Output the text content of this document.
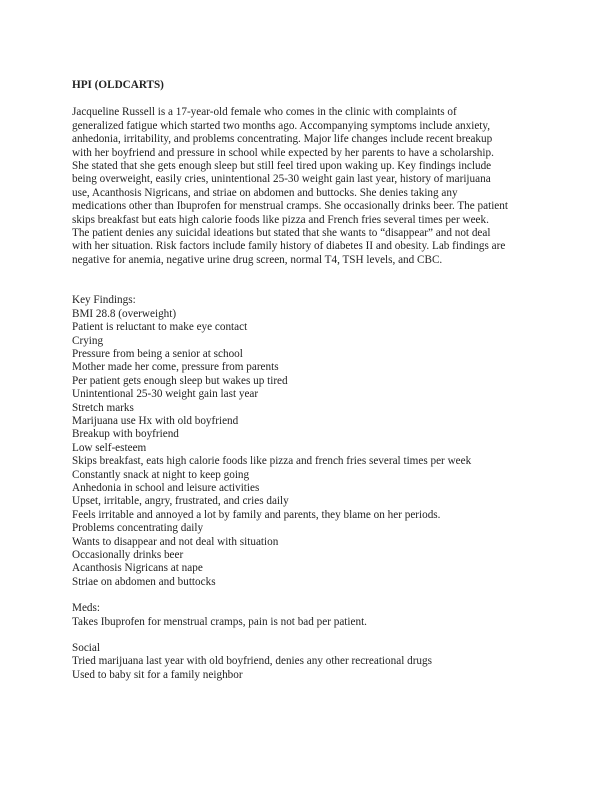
HPI (OLDCARTS)
Jacqueline Russell is a 17-year-old female who comes in the clinic with complaints of
generalized fatigue which started two months ago. Accompanying symptoms include anxiety,
anhedonia, irritability, and problems concentrating. Major life changes include recent breakup
with her boyfriend and pressure in school while expected by her parents to have a scholarship.
She stated that she gets enough sleep but still feel tired upon waking up. Key findings include
being overweight, easily cries, unintentional 25-30 weight gain last year, history of marijuana
use, Acanthosis Nigricans, and striae on abdomen and buttocks. She denies taking any
medications other than Ibuprofen for menstrual cramps. She occasionally drinks beer. The patient
skips breakfast but eats high calorie foods like pizza and French fries several times per week.
The patient denies any suicidal ideations but stated that she wants to “disappear” and not deal
with her situation. Risk factors include family history of diabetes II and obesity. Lab findings are
negative for anemia, negative urine drug screen, normal T4, TSH levels, and CBC.
Key Findings:
BMI 28.8 (overweight)
Patient is reluctant to make eye contact
Crying
Pressure from being a senior at school
Mother made her come, pressure from parents
Per patient gets enough sleep but wakes up tired
Unintentional 25-30 weight gain last year
Stretch marks
Marijuana use Hx with old boyfriend
Breakup with boyfriend
Low self-esteem
Skips breakfast, eats high calorie foods like pizza and french fries several times per week
Constantly snack at night to keep going
Anhedonia in school and leisure activities
Upset, irritable, angry, frustrated, and cries daily
Feels irritable and annoyed a lot by family and parents, they blame on her periods.
Problems concentrating daily
Wants to disappear and not deal with situation
Occasionally drinks beer
Acanthosis Nigricans at nape
Striae on abdomen and buttocks
Meds:
Takes Ibuprofen for menstrual cramps, pain is not bad per patient.
Social
Tried marijuana last year with old boyfriend, denies any other recreational drugs
Used to baby sit for a family neighbor
